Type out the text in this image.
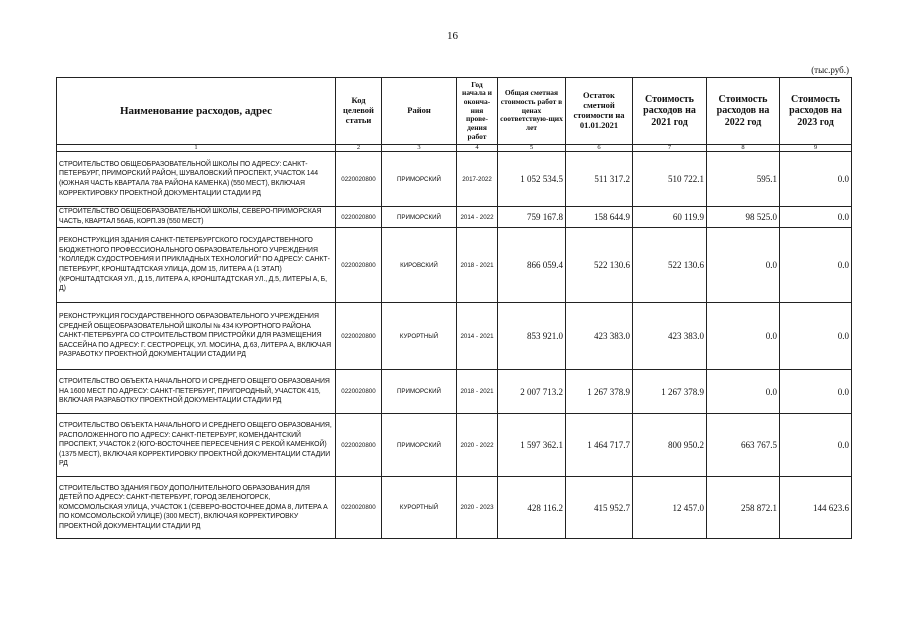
16
(тыс.руб.)
Наименование расходов, адрес	Код целевой статьи	Район	Год начала и оконча-ния прове-дения работ	Общая сметная стоимость работ в ценах соответствую-щих лет	Остаток сметной стоимости на 01.01.2021	Стоимость расходов на 2021 год	Стоимость расходов на 2022 год	Стоимость расходов на 2023 год
1	2	3	4	5	6	7	8	9
СТРОИТЕЛЬСТВО ОБЩЕОБРАЗОВАТЕЛЬНОЙ ШКОЛЫ ПО АДРЕСУ: САНКТ-ПЕТЕРБУРГ, ПРИМОРСКИЙ РАЙОН, ШУВАЛОВСКИЙ ПРОСПЕКТ, УЧАСТОК 144 (ЮЖНАЯ ЧАСТЬ КВАРТАЛА 78А РАЙОНА КАМЕНКА) (550 МЕСТ), ВКЛЮЧАЯ КОРРЕКТИРОВКУ ПРОЕКТНОЙ ДОКУМЕНТАЦИИ СТАДИИ РД	0220020800	ПРИМОРСКИЙ	2017-2022	1 052 534.5	511 317.2	510 722.1	595.1	0.0
СТРОИТЕЛЬСТВО ОБЩЕОБРАЗОВАТЕЛЬНОЙ ШКОЛЫ, СЕВЕРО-ПРИМОРСКАЯ ЧАСТЬ, КВАРТАЛ 56АБ, КОРП.39 (550 МЕСТ)	0220020800	ПРИМОРСКИЙ	2014 - 2022	759 167.8	158 644.9	60 119.9	98 525.0	0.0
РЕКОНСТРУКЦИЯ ЗДАНИЯ САНКТ-ПЕТЕРБУРГСКОГО ГОСУДАРСТВЕННОГО БЮДЖЕТНОГО ПРОФЕССИОНАЛЬНОГО ОБРАЗОВАТЕЛЬНОГО УЧРЕЖДЕНИЯ "КОЛЛЕДЖ СУДОСТРОЕНИЯ И ПРИКЛАДНЫХ ТЕХНОЛОГИЙ" ПО АДРЕСУ: САНКТ-ПЕТЕРБУРГ, КРОНШТАДТСКАЯ УЛИЦА, ДОМ 15, ЛИТЕРА А (1 ЭТАП) (КРОНШТАДТСКАЯ УЛ., Д.15, ЛИТЕРА А, КРОНШТАДТСКАЯ УЛ., Д.5, ЛИТЕРЫ А, Б, Д)	0220020800	КИРОВСКИЙ	2018 - 2021	866 059.4	522 130.6	522 130.6	0.0	0.0
РЕКОНСТРУКЦИЯ ГОСУДАРСТВЕННОГО ОБРАЗОВАТЕЛЬНОГО УЧРЕЖДЕНИЯ СРЕДНЕЙ ОБЩЕОБРАЗОВАТЕЛЬНОЙ ШКОЛЫ № 434 КУРОРТНОГО РАЙОНА САНКТ-ПЕТЕРБУРГА СО СТРОИТЕЛЬСТВОМ ПРИСТРОЙКИ ДЛЯ РАЗМЕЩЕНИЯ БАССЕЙНА ПО АДРЕСУ: Г. СЕСТРОРЕЦК, УЛ. МОСИНА, Д.63, ЛИТЕРА А, ВКЛЮЧАЯ РАЗРАБОТКУ ПРОЕКТНОЙ ДОКУМЕНТАЦИИ СТАДИИ РД	0220020800	КУРОРТНЫЙ	2014 - 2021	853 921.0	423 383.0	423 383.0	0.0	0.0
СТРОИТЕЛЬСТВО ОБЪЕКТА НАЧАЛЬНОГО И СРЕДНЕГО ОБЩЕГО ОБРАЗОВАНИЯ НА 1600 МЕСТ ПО АДРЕСУ: САНКТ-ПЕТЕРБУРГ, ПРИГОРОДНЫЙ, УЧАСТОК 415, ВКЛЮЧАЯ РАЗРАБОТКУ ПРОЕКТНОЙ ДОКУМЕНТАЦИИ СТАДИИ РД	0220020800	ПРИМОРСКИЙ	2018 - 2021	2 007 713.2	1 267 378.9	1 267 378.9	0.0	0.0
СТРОИТЕЛЬСТВО ОБЪЕКТА НАЧАЛЬНОГО И СРЕДНЕГО ОБЩЕГО ОБРАЗОВАНИЯ, РАСПОЛОЖЕННОГО ПО АДРЕСУ: САНКТ-ПЕТЕРБУРГ, КОМЕНДАНТСКИЙ ПРОСПЕКТ, УЧАСТОК 2 (ЮГО-ВОСТОЧНЕЕ ПЕРЕСЕЧЕНИЯ С РЕКОЙ КАМЕНКОЙ) (1375 МЕСТ), ВКЛЮЧАЯ КОРРЕКТИРОВКУ ПРОЕКТНОЙ ДОКУМЕНТАЦИИ СТАДИИ РД	0220020800	ПРИМОРСКИЙ	2020 - 2022	1 597 362.1	1 464 717.7	800 950.2	663 767.5	0.0
СТРОИТЕЛЬСТВО ЗДАНИЯ ГБОУ ДОПОЛНИТЕЛЬНОГО ОБРАЗОВАНИЯ ДЛЯ ДЕТЕЙ ПО АДРЕСУ: САНКТ-ПЕТЕРБУРГ, ГОРОД ЗЕЛЕНОГОРСК, КОМСОМОЛЬСКАЯ УЛИЦА, УЧАСТОК 1 (СЕВЕРО-ВОСТОЧНЕЕ ДОМА 8, ЛИТЕРА А ПО КОМСОМОЛЬСКОЙ УЛИЦЕ) (300 МЕСТ), ВКЛЮЧАЯ КОРРЕКТИРОВКУ ПРОЕКТНОЙ ДОКУМЕНТАЦИИ СТАДИИ РД	0220020800	КУРОРТНЫЙ	2020 - 2023	428 116.2	415 952.7	12 457.0	258 872.1	144 623.6
